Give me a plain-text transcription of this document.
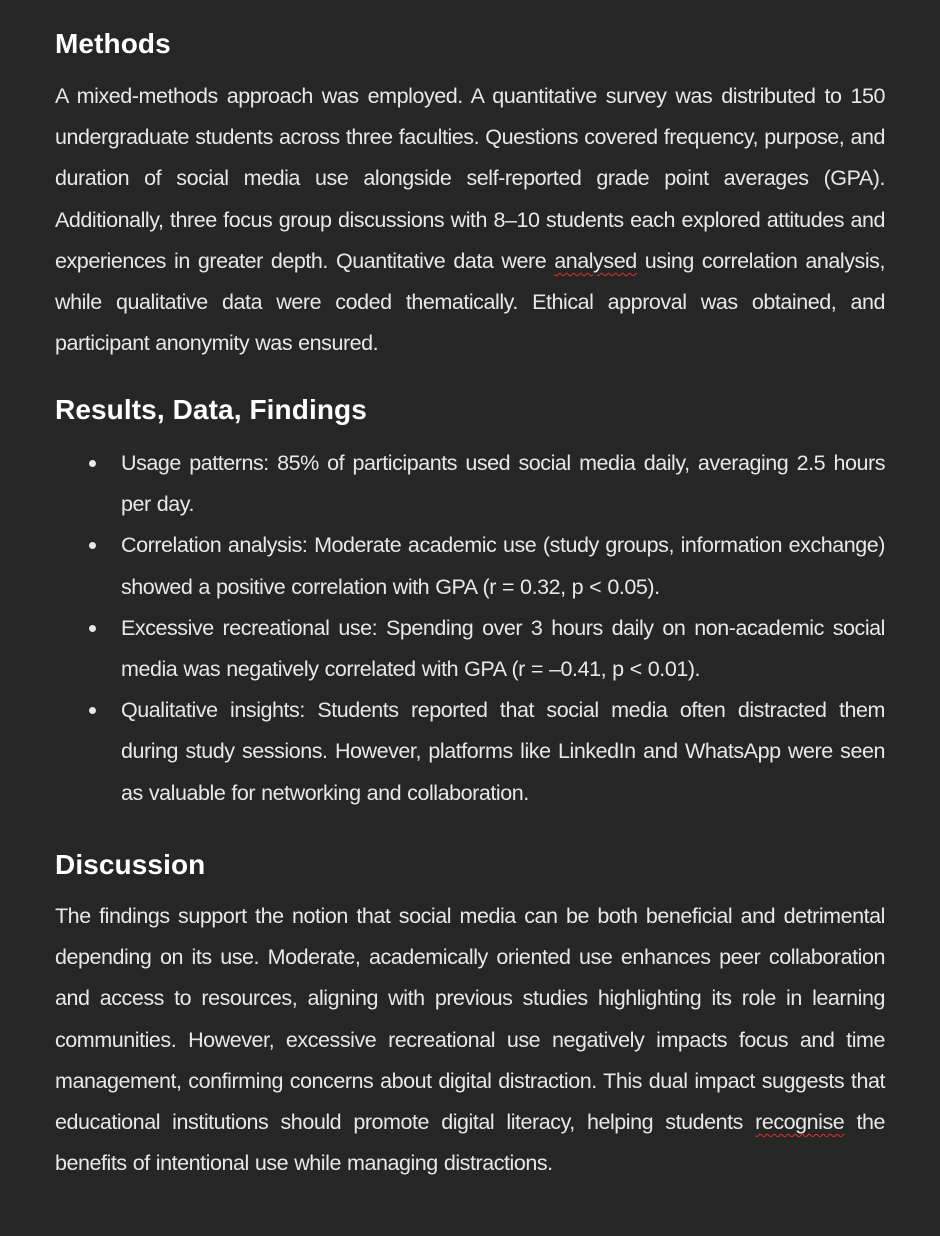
Methods

A mixed-methods approach was employed. A quantitative survey was distributed to 150 undergraduate students across three faculties. Questions covered frequency, purpose, and duration of social media use alongside self-reported grade point averages (GPA). Additionally, three focus group discussions with 8–10 students each explored attitudes and experiences in greater depth. Quantitative data were analysed using correlation analysis, while qualitative data were coded thematically. Ethical approval was obtained, and participant anonymity was ensured.

Results, Data, Findings
Usage patterns: 85% of participants used social media daily, averaging 2.5 hours per day.
Correlation analysis: Moderate academic use (study groups, information exchange) showed a positive correlation with GPA (r = 0.32, p < 0.05).
Excessive recreational use: Spending over 3 hours daily on non-academic social media was negatively correlated with GPA (r = –0.41, p < 0.01).
Qualitative insights: Students reported that social media often distracted them during study sessions. However, platforms like LinkedIn and WhatsApp were seen as valuable for networking and collaboration.
Discussion

The findings support the notion that social media can be both beneficial and detrimental depending on its use. Moderate, academically oriented use enhances peer collaboration and access to resources, aligning with previous studies highlighting its role in learning communities. However, excessive recreational use negatively impacts focus and time management, confirming concerns about digital distraction. This dual impact suggests that educational institutions should promote digital literacy, helping students recognise the benefits of intentional use while managing distractions.
